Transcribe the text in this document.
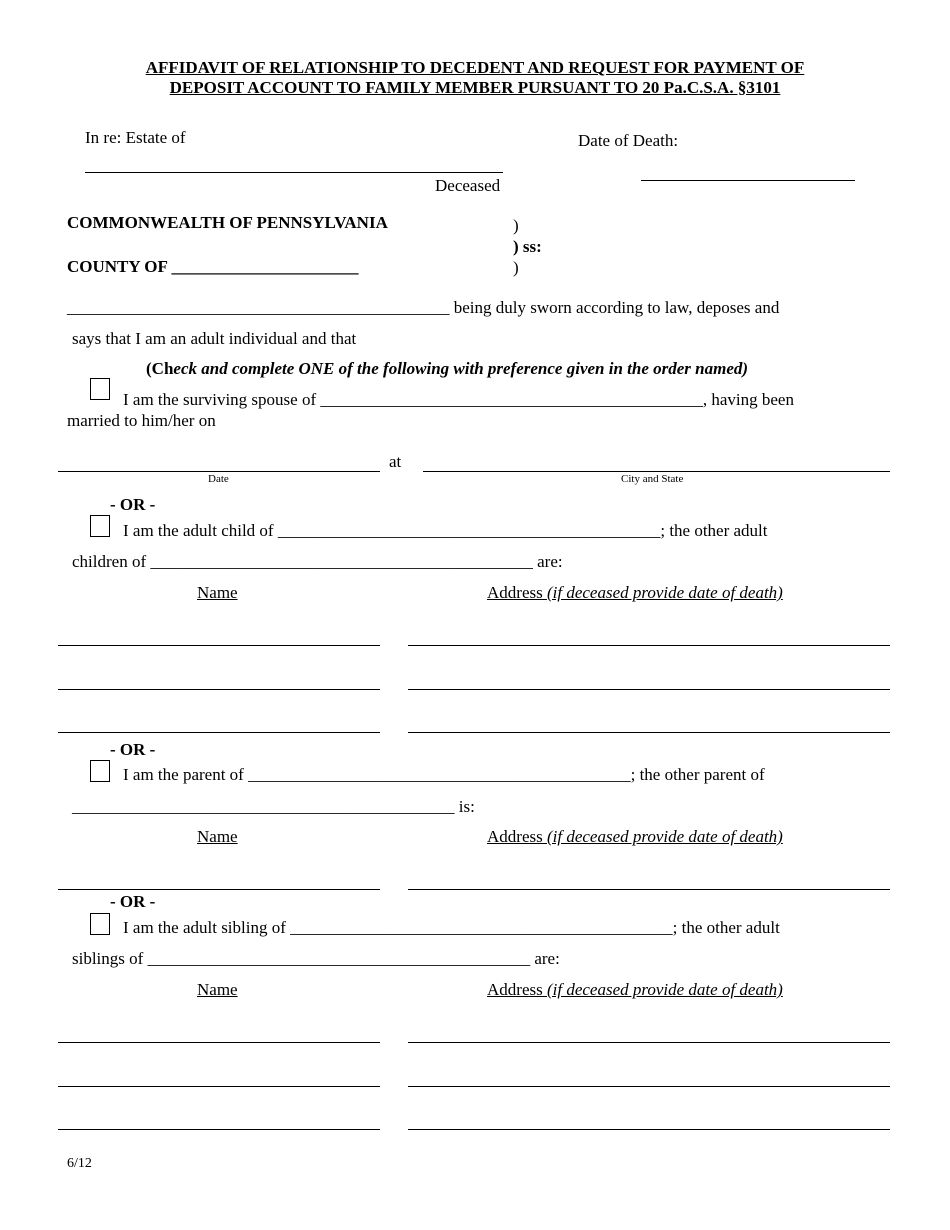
AFFIDAVIT OF RELATIONSHIP TO DECEDENT AND REQUEST FOR PAYMENT OF
DEPOSIT ACCOUNT TO FAMILY MEMBER PURSUANT TO 20 Pa.C.S.A. §3101
In re: Estate of	Date of Death:
Deceased
COMMONWEALTH OF PENNSYLVANIA	)
) ss:
)
COUNTY OF ______________________
_____________________________________________ being duly sworn according to law, deposes and
says that I am an adult individual and that
(Check and complete ONE of the following with preference given in the order named)
I am the surviving spouse of _____________________________________________, having been
married to him/her on
at
Date	City and State
- OR -
I am the adult child of _____________________________________________; the other adult
children of _____________________________________________ are:
Name	Address (if deceased provide date of death)
- OR -
I am the parent of _____________________________________________; the other parent of
_____________________________________________ is:
Name	Address (if deceased provide date of death)
- OR -
I am the adult sibling of _____________________________________________; the other adult
siblings of _____________________________________________ are:
Name	Address (if deceased provide date of death)
6/12
